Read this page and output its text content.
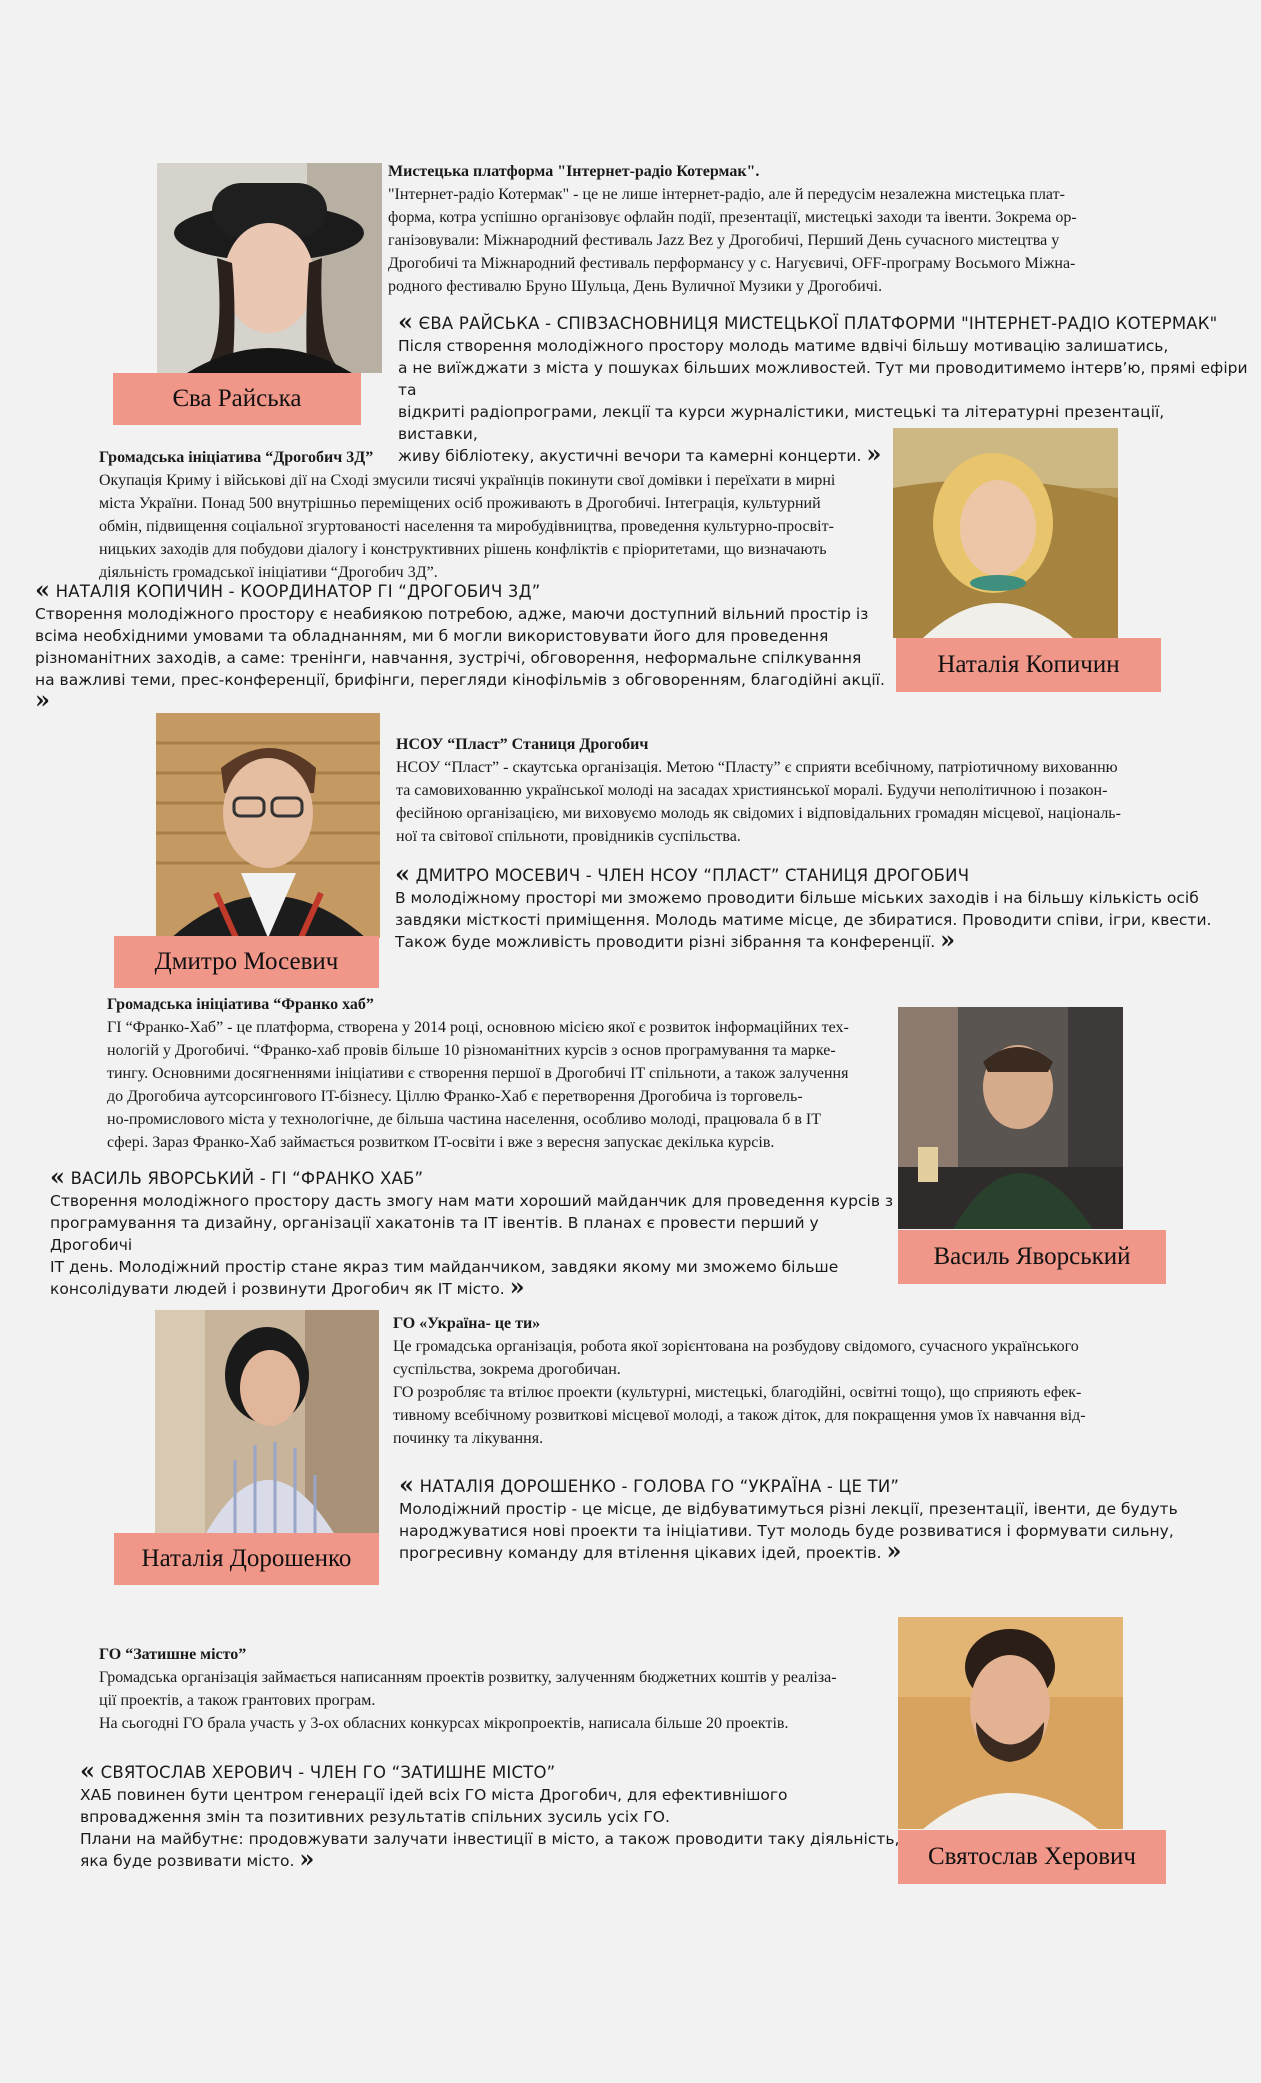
Єва Райська
Мистецька платформа "Інтернет-радіо Котермак".

"Інтернет-радіо Котермак" - це не лише інтернет-радіо, але й передусім незалежна мистецька плат-

форма, котра успішно організовує офлайн події, презентації, мистецькі заходи та івенти. Зокрема ор-

ганізовували: Міжнародний фестиваль Jazz Bez у Дрогобичі, Перший День сучасного мистецтва у

Дрогобичі та Міжнародний фестиваль перформансу у с. Нагуєвичі, OFF-програму Восьмого Міжна-

родного фестивалю Бруно Шульца, День Вуличної Музики у Дрогобичі.

« ЄВА РАЙСЬКА - СПІВЗАСНОВНИЦЯ МИСТЕЦЬКОЇ ПЛАТФОРМИ "ІНТЕРНЕТ-РАДІО КОТЕРМАК"

Після створення молодіжного простору молодь матиме вдвічі більшу мотивацію залишатись,

а не виїжджати з міста у пошуках більших можливостей. Тут ми проводитимемо інтерв’ю, прямі ефіри та

відкриті радіопрограми, лекції та курси журналістики, мистецькі та літературні презентації, виставки,

живу бібліотеку, акустичні вечори та камерні концерти. »

Наталія Копичин
Громадська ініціатива “Дрогобич 3Д”

Окупація Криму і військові дії на Сході змусили тисячі українців покинути свої домівки і переїхати в мирні

міста України. Понад 500 внутрішньо переміщених осіб проживають в Дрогобичі. Інтеграція, культурний

обмін, підвищення соціальної згуртованості населення та миробудівництва, проведення культурно-просвіт-

ницьких заходів для побудови діалогу і конструктивних рішень конфліктів є пріоритетами, що визначають

діяльність громадської ініціативи “Дрогобич 3Д”.

« НАТАЛІЯ КОПИЧИН - КООРДИНАТОР ГІ “ДРОГОБИЧ 3Д”

Створення молодіжного простору є неабиякою потребою, адже, маючи доступний вільний простір із

всіма необхідними умовами та обладнанням, ми б могли використовувати його для проведення

різноманітних заходів, а саме: тренінги, навчання, зустрічі, обговорення, неформальне спілкування

на важливі теми, прес-конференції, брифінги, перегляди кінофільмів з обговоренням, благодійні акції. »

Дмитро Мосевич
НСОУ “Пласт” Станиця Дрогобич

НСОУ “Пласт” - скаутська організація. Метою “Пласту” є сприяти всебічному, патріотичному вихованню

та самовихованню української молоді на засадах християнської моралі. Будучи неполітичною і позакон-

фесійною організацією, ми виховуємо молодь як свідомих і відповідальних громадян місцевої, національ-

ної та світової спільноти, провідників суспільства.

« ДМИТРО МОСЕВИЧ - ЧЛЕН НСОУ “ПЛАСТ” СТАНИЦЯ ДРОГОБИЧ

В молодіжному просторі ми зможемо проводити більше міських заходів і на більшу кількість осіб

завдяки місткості приміщення. Молодь матиме місце, де збиратися. Проводити співи, ігри, квести.

Також буде можливість проводити різні зібрання та конференції. »

Василь Яворський
Громадська ініціатива “Франко хаб”

ГІ “Франко-Хаб” - це платформа, створена у 2014 році, основною місією якої є розвиток інформаційних тех-

нологій у Дрогобичі. “Франко-хаб провів більше 10 різноманітних курсів з основ програмування та марке-

тингу. Основними досягненнями ініціативи є створення першої в Дрогобичі IT спільноти, а також залучення

до Дрогобича аутсорсингового IT-бізнесу. Ціллю Франко-Хаб є перетворення Дрогобича із торговель-

но-промислового міста у технологічне, де більша частина населення, особливо молоді, працювала б в IT

сфері. Зараз Франко-Хаб займається розвитком IT-освіти і вже з вересня запускає декілька курсів.

« ВАСИЛЬ ЯВОРСЬКИЙ - ГІ “ФРАНКО ХАБ”

Створення молодіжного простору дасть змогу нам мати хороший майданчик для проведення курсів з

програмування та дизайну, організації хакатонів та IT івентів. В планах є провести перший у Дрогобичі

IT день. Молодіжний простір стане якраз тим майданчиком, завдяки якому ми зможемо більше

консолідувати людей і розвинути Дрогобич як IT місто. »

Наталія Дорошенко
ГО «Україна- це ти»

Це громадська організація, робота якої зорієнтована на розбудову свідомого, сучасного українського

суспільства, зокрема дрогобичан.

ГО розробляє та втілює проекти (культурні, мистецькі, благодійні, освітні тощо), що сприяють ефек-

тивному всебічному розвиткові місцевої молоді, а також діток, для покращення умов їх навчання від-

починку та лікування.

« НАТАЛІЯ ДОРОШЕНКО - ГОЛОВА ГО “УКРАЇНА - ЦЕ ТИ”

Молодіжний простір - це місце, де відбуватимуться різні лекції, презентації, івенти, де будуть

народжуватися нові проекти та ініціативи. Тут молодь буде розвиватися і формувати сильну,

прогресивну команду для втілення цікавих ідей, проектів. »

Святослав Херович
ГО “Затишне місто”

Громадська організація займається написанням проектів розвитку, залученням бюджетних коштів у реаліза-

ції проектів, а також грантових програм.

На сьогодні ГО брала участь у 3-ох обласних конкурсах мікропроектів, написала більше 20 проектів.

« СВЯТОСЛАВ ХЕРОВИЧ - ЧЛЕН ГО “ЗАТИШНЕ МІСТО”

ХАБ повинен бути центром генерації ідей всіх ГО міста Дрогобич, для ефективнішого

впровадження змін та позитивних результатів спільних зусиль усіх ГО.

Плани на майбутнє: продовжувати залучати інвестиції в місто, а також проводити таку діяльність,

яка буде розвивати місто. »
